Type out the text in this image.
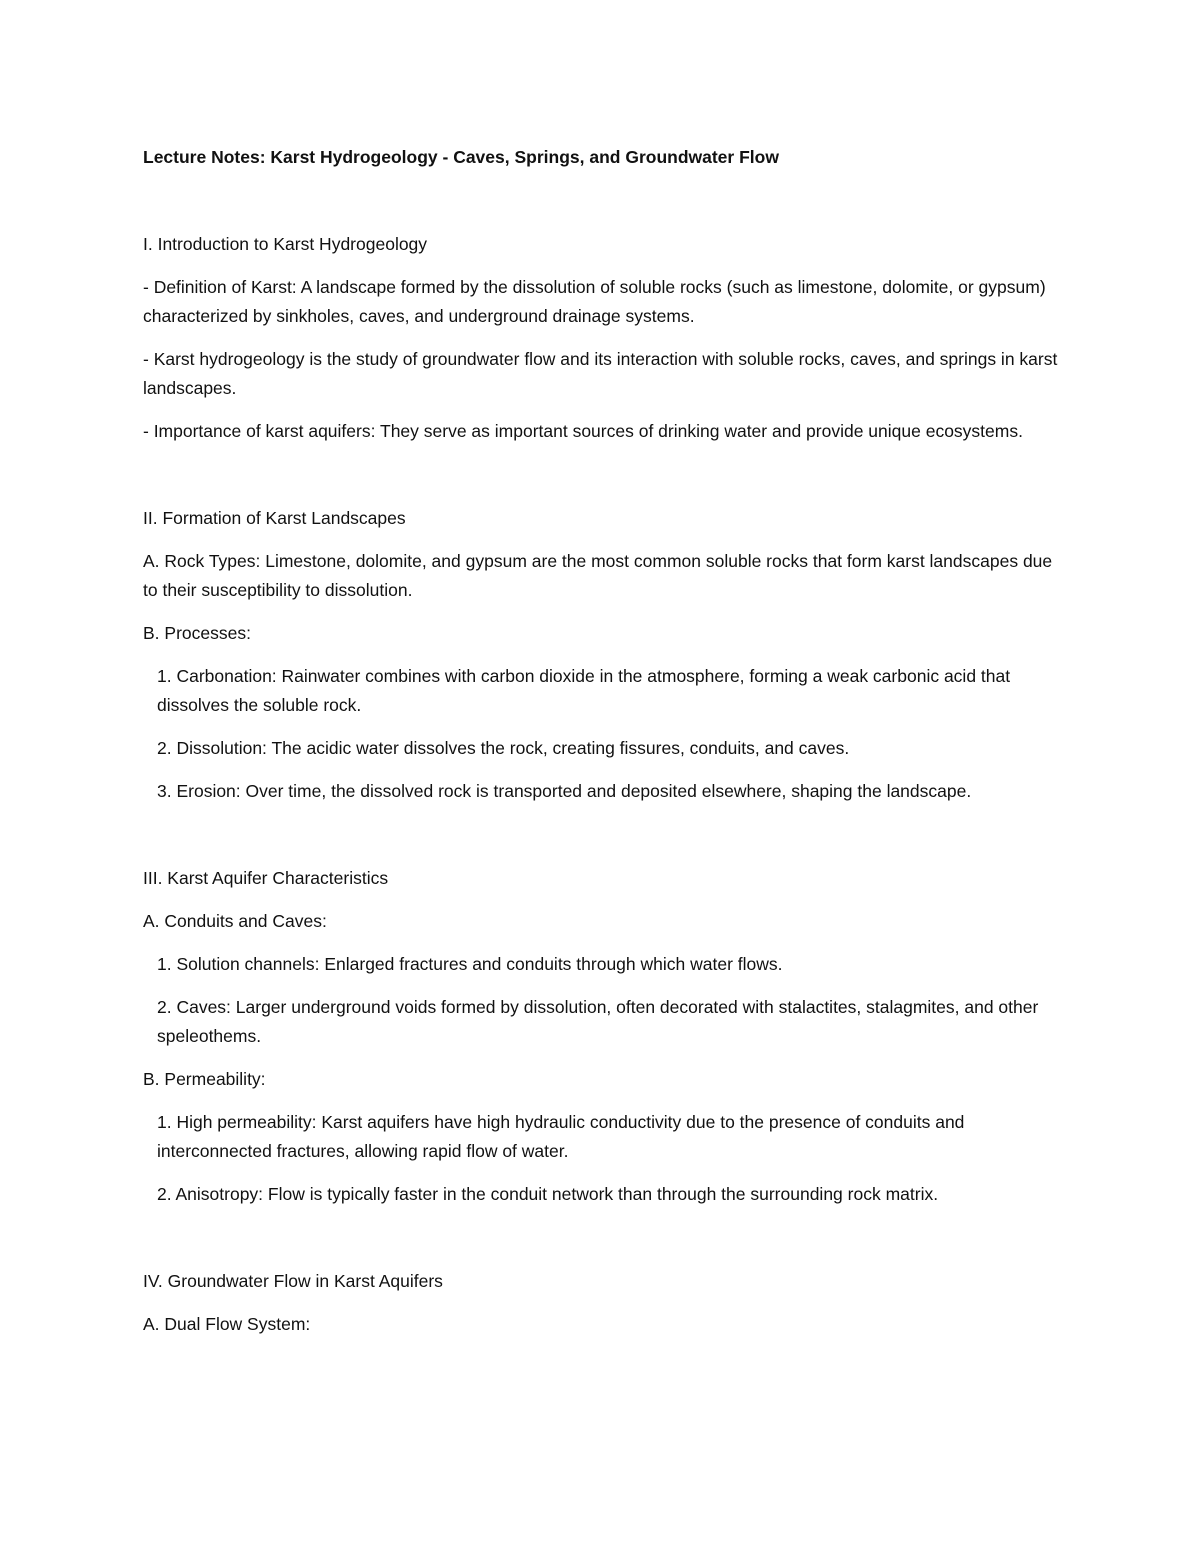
Lecture Notes: Karst Hydrogeology - Caves, Springs, and Groundwater Flow

I. Introduction to Karst Hydrogeology

- Definition of Karst: A landscape formed by the dissolution of soluble rocks (such as limestone, dolomite, or gypsum) characterized by sinkholes, caves, and underground drainage systems.

- Karst hydrogeology is the study of groundwater flow and its interaction with soluble rocks, caves, and springs in karst landscapes.

- Importance of karst aquifers: They serve as important sources of drinking water and provide unique ecosystems.

II. Formation of Karst Landscapes

A. Rock Types: Limestone, dolomite, and gypsum are the most common soluble rocks that form karst landscapes due to their susceptibility to dissolution.

B. Processes:

1. Carbonation: Rainwater combines with carbon dioxide in the atmosphere, forming a weak carbonic acid that dissolves the soluble rock.

2. Dissolution: The acidic water dissolves the rock, creating fissures, conduits, and caves.

3. Erosion: Over time, the dissolved rock is transported and deposited elsewhere, shaping the landscape.

III. Karst Aquifer Characteristics

A. Conduits and Caves:

1. Solution channels: Enlarged fractures and conduits through which water flows.

2. Caves: Larger underground voids formed by dissolution, often decorated with stalactites, stalagmites, and other speleothems.

B. Permeability:

1. High permeability: Karst aquifers have high hydraulic conductivity due to the presence of conduits and interconnected fractures, allowing rapid flow of water.

2. Anisotropy: Flow is typically faster in the conduit network than through the surrounding rock matrix.

IV. Groundwater Flow in Karst Aquifers

A. Dual Flow System:
